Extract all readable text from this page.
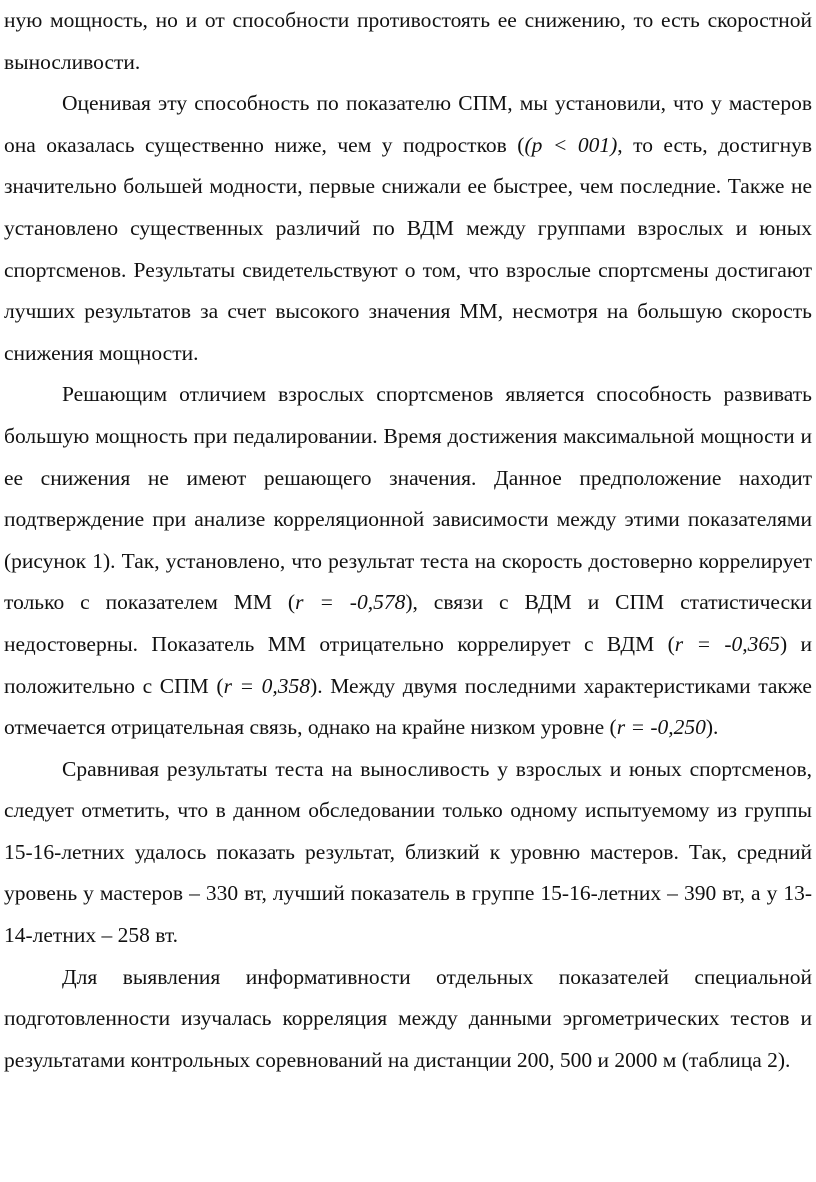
ную мощность, но и от способности противостоять ее снижению, то есть скоростной выносливости.

Оценивая эту способность по показателю СПМ, мы установили, что у мастеров она оказалась существенно ниже, чем у подростков ((p < 001), то есть, достигнув значительно большей модности, первые снижали ее быстрее, чем последние. Также не установлено существенных различий по ВДМ между группами взрослых и юных спортсменов. Результаты свидетельствуют о том, что взрослые спортсмены достигают лучших результатов за счет высокого значения ММ, несмотря на большую скорость снижения мощности.

Решающим отличием взрослых спортсменов является способность развивать большую мощность при педалировании. Время достижения максимальной мощности и ее снижения не имеют решающего значения. Данное предположение находит подтверждение при анализе корреляционной зависимости между этими показателями (рисунок 1). Так, установлено, что результат теста на скорость достоверно коррелирует только с показателем ММ (r = -0,578), связи с ВДМ и СПМ статистически недостоверны. Показатель ММ отрицательно коррелирует с ВДМ (r = -0,365) и положительно с СПМ (r = 0,358). Между двумя последними характеристиками также отмечается отрицательная связь, однако на крайне низком уровне (r = -0,250).

Сравнивая результаты теста на выносливость у взрослых и юных спортсменов, следует отметить, что в данном обследовании только одному испытуемому из группы 15-16-летних удалось показать результат, близкий к уровню мастеров. Так, средний уровень у мастеров – 330 вт, лучший показатель в группе 15-16-летних – 390 вт, а у 13-14-летних – 258 вт.

Для выявления информативности отдельных показателей специальной подготовленности изучалась корреляция между данными эргометрических тестов и результатами контрольных соревнований на дистанции 200, 500 и 2000 м (таблица 2).
